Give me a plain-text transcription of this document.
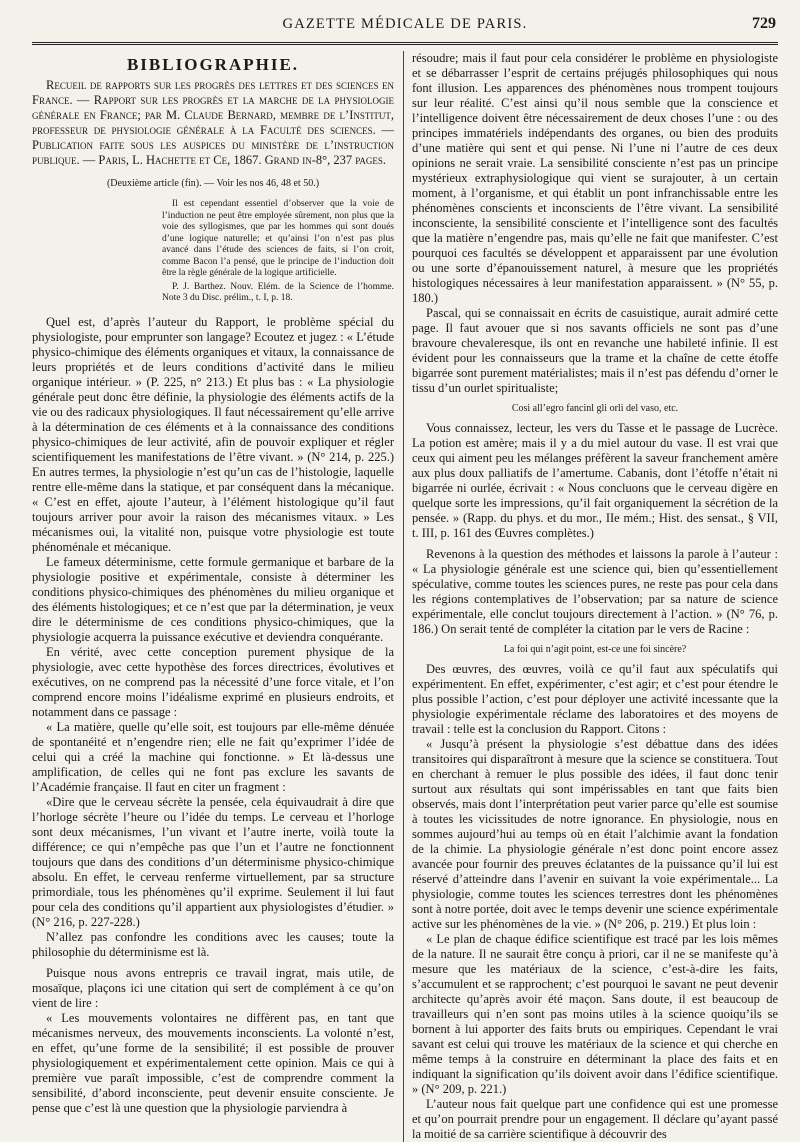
GAZETTE MÉDICALE DE PARIS.	729
BIBLIOGRAPHIE.

Recueil de rapports sur les progrès des lettres et des sciences en France. — Rapport sur les progrès et la marche de la physiologie générale en France; par M. Claude Bernard, membre de l’Institut, professeur de physiologie générale à la Faculté des sciences. — Publication faite sous les auspices du ministère de l’instruction publique. — Paris, L. Hachette et Ce, 1867. Grand in-8°, 237 pages.

(Deuxième article (fin). — Voir les nos 46, 48 et 50.)

Il est cependant essentiel d’observer que la voie de l’induction ne peut être employée sûrement, non plus que la voie des syllogismes, que par les hommes qui sont doués d’une logique naturelle; et qu’ainsi l’on n’est pas plus avancé dans l’étude des sciences de faits, si l’on croit, comme Bacon l’a pensé, que le principe de l’induction doit être la règle générale de la logique artificielle.

P. J. Barthez. Nouv. Elém. de la Science de l’homme. Note 3 du Disc. prélim., t. I, p. 18.

Quel est, d’après l’auteur du Rapport, le problème spécial du physiologiste, pour emprunter son langage? Ecoutez et jugez : « L’étude physico-chimique des éléments organiques et vitaux, la connaissance de leurs propriétés et de leurs conditions d’activité dans le milieu organique intérieur. » (P. 225, n° 213.) Et plus bas : « La physiologie générale peut donc être définie, la physiologie des éléments actifs de la vie ou des radicaux physiologiques. Il faut nécessairement qu’elle arrive à la détermination de ces éléments et à la connaissance des conditions physico-chimiques de leur activité, afin de pouvoir expliquer et régler scientifiquement les manifestations de l’être vivant. » (N° 214, p. 225.) En autres termes, la physiologie n’est qu’un cas de l’histologie, laquelle rentre elle-même dans la statique, et par conséquent dans la mécanique. « C’est en effet, ajoute l’auteur, à l’élément histologique qu’il faut toujours arriver pour avoir la raison des mécanismes vitaux. » Les mécanismes oui, la vitalité non, puisque votre physiologie est toute phénoménale et mécanique.

Le fameux déterminisme, cette formule germanique et barbare de la physiologie positive et expérimentale, consiste à déterminer les conditions physico-chimiques des phénomènes du milieu organique et des éléments histologiques; et ce n’est que par la détermination, je veux dire le déterminisme de ces conditions physico-chimiques, que la physiologie acquerra la puissance exécutive et deviendra conquérante.

En vérité, avec cette conception purement physique de la physiologie, avec cette hypothèse des forces directrices, évolutives et exécutives, on ne comprend pas la nécessité d’une force vitale, et l’on comprend encore moins l’idéalisme exprimé en plusieurs endroits, et notamment dans ce passage :

« La matière, quelle qu’elle soit, est toujours par elle-même dénuée de spontanéité et n’engendre rien; elle ne fait qu’exprimer l’idée de celui qui a créé la machine qui fonctionne. » Et là-dessus une amplification, de celles qui ne font pas exclure les savants de l’Académie française. Il faut en citer un fragment :

«Dire que le cerveau sécrète la pensée, cela équivaudrait à dire que l’horloge sécrète l’heure ou l’idée du temps. Le cerveau et l’horloge sont deux mécanismes, l’un vivant et l’autre inerte, voilà toute la différence; ce qui n’empêche pas que l’un et l’autre ne fonctionnent toujours que dans des conditions d’un déterminisme physico-chimique absolu. En effet, le cerveau renferme virtuellement, par sa structure primordiale, tous les phénomènes qu’il exprime. Seulement il lui faut pour cela des conditions qu’il appartient aux physiologistes d’étudier. » (N° 216, p. 227-228.)

N’allez pas confondre les conditions avec les causes; toute la philosophie du déterminisme est là.

Puisque nous avons entrepris ce travail ingrat, mais utile, de mosaïque, plaçons ici une citation qui sert de complément à ce qu’on vient de lire :

« Les mouvements volontaires ne diffèrent pas, en tant que mécanismes nerveux, des mouvements inconscients. La volonté n’est, en effet, qu’une forme de la sensibilité; il est possible de prouver physiologiquement et expérimentalement cette opinion. Mais ce qui à première vue paraît impossible, c’est de comprendre comment la sensibilité, d’abord inconsciente, peut devenir ensuite consciente. Je pense que c’est là une question que la physiologie parviendra à

résoudre; mais il faut pour cela considérer le problème en physiologiste et se débarrasser l’esprit de certains préjugés philosophiques qui nous font illusion. Les apparences des phénomènes nous trompent toujours sur leur réalité. C’est ainsi qu’il nous semble que la conscience et l’intelligence doivent être nécessairement de deux choses l’une : ou des principes immatériels indépendants des organes, ou bien des produits d’une matière qui sent et qui pense. Ni l’une ni l’autre de ces deux opinions ne serait vraie. La sensibilité consciente n’est pas un principe mystérieux extraphysiologique qui vient se surajouter, à un certain moment, à l’organisme, et qui établit un pont infranchissable entre les phénomènes conscients et inconscients de l’être vivant. La sensibilité inconsciente, la sensibilité consciente et l’intelligence sont des facultés que la matière n’engendre pas, mais qu’elle ne fait que manifester. C’est pourquoi ces facultés se développent et apparaissent par une évolution ou une sorte d’épanouissement naturel, à mesure que les propriétés histologiques nécessaires à leur manifestation apparaissent. » (N° 55, p. 180.)

Pascal, qui se connaissait en écrits de casuistique, aurait admiré cette page. Il faut avouer que si nos savants officiels ne sont pas d’une bravoure chevaleresque, ils ont en revanche une habileté infinie. Il est évident pour les connaisseurs que la trame et la chaîne de cette étoffe bigarrée sont purement matérialistes; mais il n’est pas défendu d’orner le tissu d’un ourlet spiritualiste;

Cosi all’egro fancinl gli orli del vaso, etc.

Vous connaissez, lecteur, les vers du Tasse et le passage de Lucrèce. La potion est amère; mais il y a du miel autour du vase. Il est vrai que ceux qui aiment peu les mélanges préfèrent la saveur franchement amère aux plus doux palliatifs de l’amertume. Cabanis, dont l’étoffe n’était ni bigarrée ni ourlée, écrivait : « Nous concluons que le cerveau digère en quelque sorte les impressions, qu’il fait organiquement la sécrétion de la pensée. » (Rapp. du phys. et du mor., IIe mém.; Hist. des sensat., § VII, t. III, p. 161 des Œuvres complètes.)

Revenons à la question des méthodes et laissons la parole à l’auteur : « La physiologie générale est une science qui, bien qu’essentiellement spéculative, comme toutes les sciences pures, ne reste pas pour cela dans les régions contemplatives de l’observation; par sa nature de science expérimentale, elle conclut toujours directement à l’action. » (N° 76, p. 186.) On serait tenté de compléter la citation par le vers de Racine :

La foi qui n’agit point, est-ce une foi sincère?

Des œuvres, des œuvres, voilà ce qu’il faut aux spéculatifs qui expérimentent. En effet, expérimenter, c’est agir; et c’est pour étendre le plus possible l’action, c’est pour déployer une activité incessante que la physiologie expérimentale réclame des laboratoires et des moyens de travail : telle est la conclusion du Rapport. Citons :

« Jusqu’à présent la physiologie s’est débattue dans des idées transitoires qui disparaîtront à mesure que la science se constituera. Tout en cherchant à remuer le plus possible des idées, il faut donc tenir surtout aux résultats qui sont impérissables en tant que faits bien observés, mais dont l’interprétation peut varier parce qu’elle est soumise à toutes les vicissitudes de notre ignorance. En physiologie, nous en sommes aujourd’hui au temps où en était l’alchimie avant la fondation de la chimie. La physiologie générale n’est donc point encore assez avancée pour fournir des preuves éclatantes de la puissance qu’il lui est réservé d’atteindre dans l’avenir en suivant la voie expérimentale... La physiologie, comme toutes les sciences terrestres dont les phénomènes sont à notre portée, doit avec le temps devenir une science expérimentale active sur les phénomènes de la vie. » (N° 206, p. 219.) Et plus loin :

« Le plan de chaque édifice scientifique est tracé par les lois mêmes de la nature. Il ne saurait être conçu à priori, car il ne se manifeste qu’à mesure que les matériaux de la science, c’est-à-dire les faits, s’accumulent et se rapprochent; c’est pourquoi le savant ne peut devenir architecte qu’après avoir été maçon. Sans doute, il est beaucoup de travailleurs qui n’en sont pas moins utiles à la science quoiqu’ils se bornent à lui apporter des faits bruts ou empiriques. Cependant le vrai savant est celui qui trouve les matériaux de la science et qui cherche en même temps à la construire en déterminant la place des faits et en indiquant la signification qu’ils doivent avoir dans l’édifice scientifique. » (N° 209, p. 221.)

L’auteur nous fait quelque part une confidence qui est une promesse et qu’on pourrait prendre pour un engagement. Il déclare qu’ayant passé la moitié de sa carrière scientifique à découvrir des
